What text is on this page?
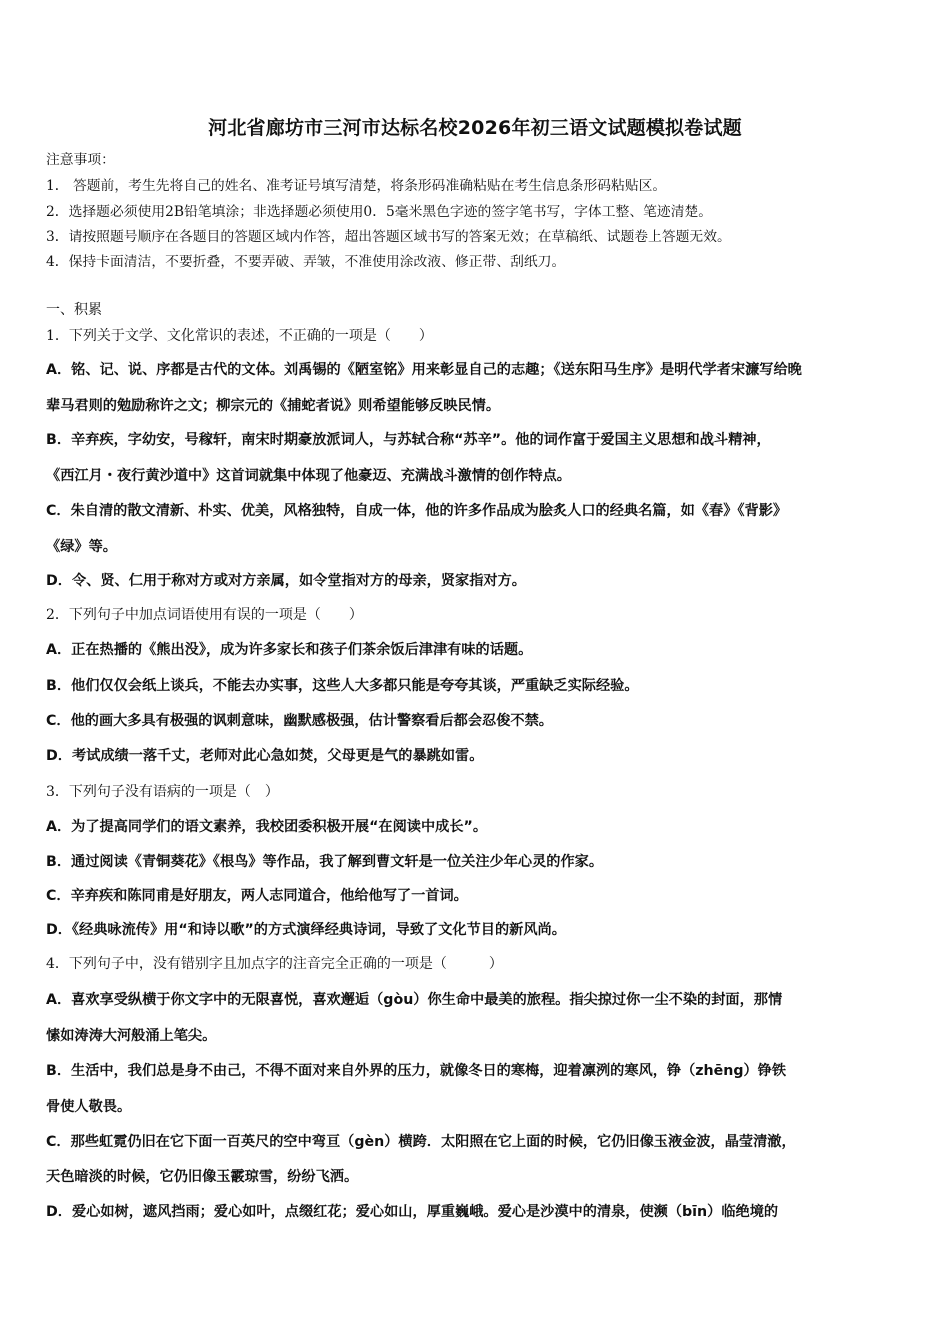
河北省廊坊市三河市达标名校2026年初三语文试题模拟卷试题
注意事项：
1． 答题前，考生先将自己的姓名、准考证号填写清楚，将条形码准确粘贴在考生信息条形码粘贴区。
2．选择题必须使用2B铅笔填涂；非选择题必须使用0．5毫米黑色字迹的签字笔书写，字体工整、笔迹清楚。
3．请按照题号顺序在各题目的答题区域内作答，超出答题区域书写的答案无效；在草稿纸、试题卷上答题无效。
4．保持卡面清洁，不要折叠，不要弄破、弄皱，不准使用涂改液、修正带、刮纸刀。
一、积累
1．下列关于文学、文化常识的表述，不正确的一项是（　　）
A．铭、记、说、序都是古代的文体。刘禹锡的《陋室铭》用来彰显自己的志趣；《送东阳马生序》是明代学者宋濂写给晚
辈马君则的勉励称许之文；柳宗元的《捕蛇者说》则希望能够反映民情。
B．辛弃疾，字幼安，号稼轩，南宋时期豪放派词人，与苏轼合称“苏辛”。他的词作富于爱国主义思想和战斗精神，
《西江月・夜行黄沙道中》这首词就集中体现了他豪迈、充满战斗激情的创作特点。
C．朱自清的散文清新、朴实、优美，风格独特，自成一体，他的许多作品成为脍炙人口的经典名篇，如《春》《背影》
《绿》等。
D．令、贤、仁用于称对方或对方亲属，如令堂指对方的母亲，贤家指对方。
2．下列句子中加点词语使用有误的一项是（　　）
A．正在热播的《熊出没》，成为许多家长和孩子们茶余饭后津津有味的话题。
B．他们仅仅会纸上谈兵，不能去办实事，这些人大多都只能是夸夸其谈，严重缺乏实际经验。
C．他的画大多具有极强的讽刺意味，幽默感极强，估计警察看后都会忍俊不禁。
D．考试成绩一落千丈，老师对此心急如焚，父母更是气的暴跳如雷。
3．下列句子没有语病的一项是（　）
A．为了提高同学们的语文素养，我校团委积极开展“在阅读中成长”。
B．通过阅读《青铜葵花》《根鸟》等作品，我了解到曹文轩是一位关注少年心灵的作家。
C．辛弃疾和陈同甫是好朋友，两人志同道合，他给他写了一首词。
D．《经典咏流传》用“和诗以歌”的方式演绎经典诗词，导致了文化节目的新风尚。
4．下列句子中，没有错别字且加点字的注音完全正确的一项是（　　　）
A．喜欢享受纵横于你文字中的无限喜悦，喜欢邂逅（gòu）你生命中最美的旅程。指尖掠过你一尘不染的封面，那情
愫如涛涛大河般涌上笔尖。
B．生活中，我们总是身不由己，不得不面对来自外界的压力，就像冬日的寒梅，迎着凛洌的寒风，铮（zhēng）铮铁
骨使人敬畏。
C．那些虹霓仍旧在它下面一百英尺的空中弯亘（gèn）横跨．太阳照在它上面的时候，它仍旧像玉液金波，晶莹清澈，
天色暗淡的时候，它仍旧像玉霰琼雪，纷纷飞洒。
D．爱心如树，遮风挡雨；爱心如叶，点缀红花；爱心如山，厚重巍峨。爱心是沙漠中的清泉，使濒（bīn）临绝境的
